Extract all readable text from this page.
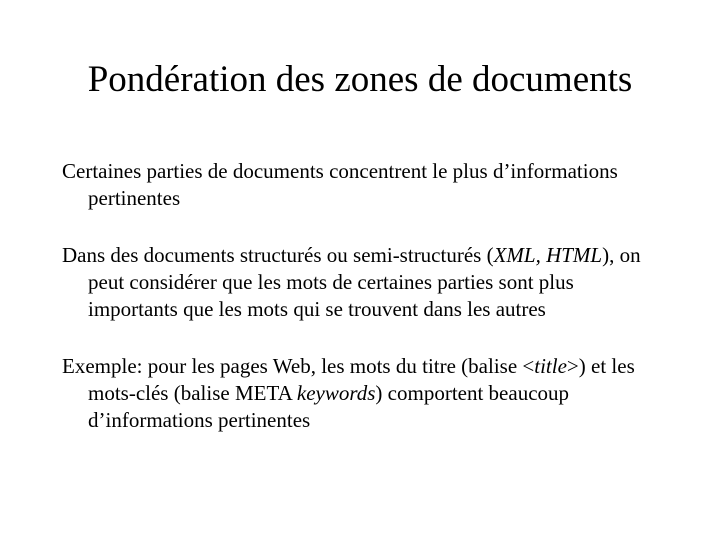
Pondération des zones de documents

Certaines parties de documents concentrent le plus d’informations pertinentes

Dans des documents structurés ou semi-structurés (XML, HTML), on peut considérer que les mots de certaines parties sont plus importants que les mots qui se trouvent dans les autres

Exemple: pour les pages Web, les mots du titre (balise <title>) et les mots-clés (balise META keywords) comportent beaucoup d’informations pertinentes
